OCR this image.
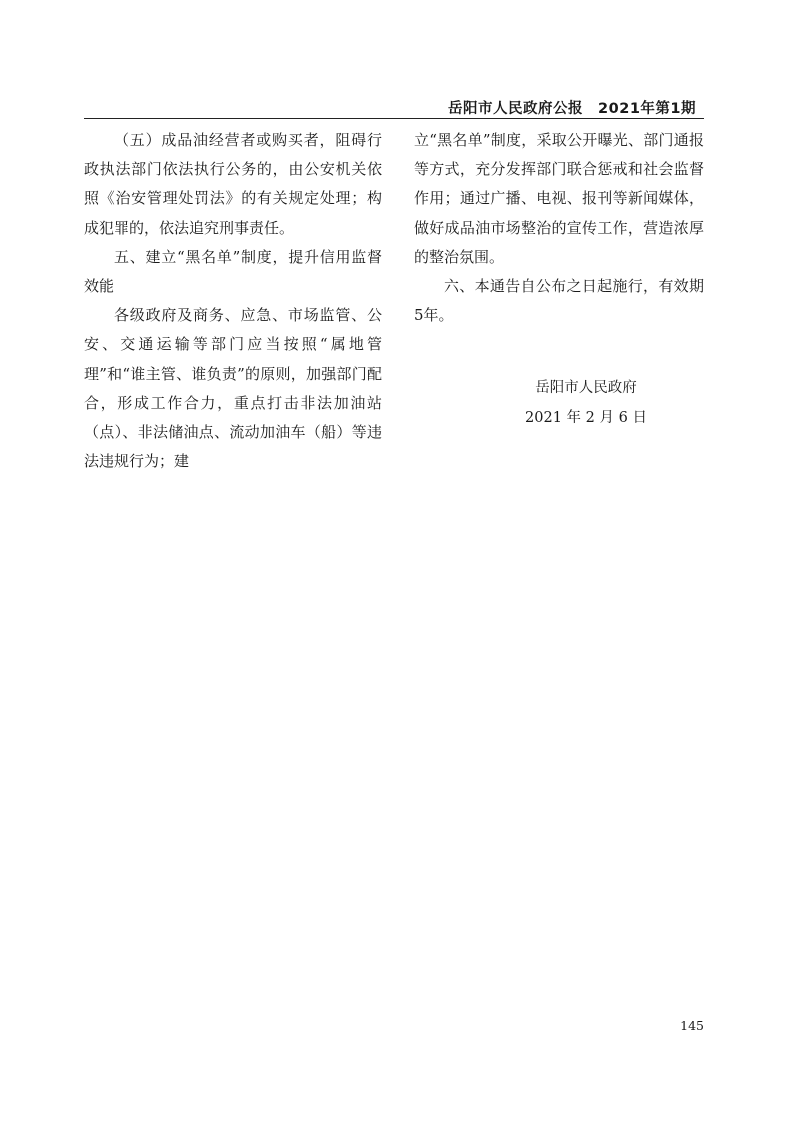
岳阳市人民政府公报　2021年第1期

（五）成品油经营者或购买者，阻碍行政执法部门依法执行公务的，由公安机关依照《治安管理处罚法》的有关规定处理；构成犯罪的，依法追究刑事责任。

五、建立“黑名单”制度，提升信用监督效能

各级政府及商务、应急、市场监管、公安、交通运输等部门应当按照“属地管理”和“谁主管、谁负责”的原则，加强部门配合，形成工作合力，重点打击非法加油站（点）、非法储油点、流动加油车（船）等违法违规行为；建

立“黑名单”制度，采取公开曝光、部门通报等方式，充分发挥部门联合惩戒和社会监督作用；通过广播、电视、报刊等新闻媒体，做好成品油市场整治的宣传工作，营造浓厚的整治氛围。

六、本通告自公布之日起施行，有效期 5年。

岳阳市人民政府
2021 年 2 月 6 日
145
